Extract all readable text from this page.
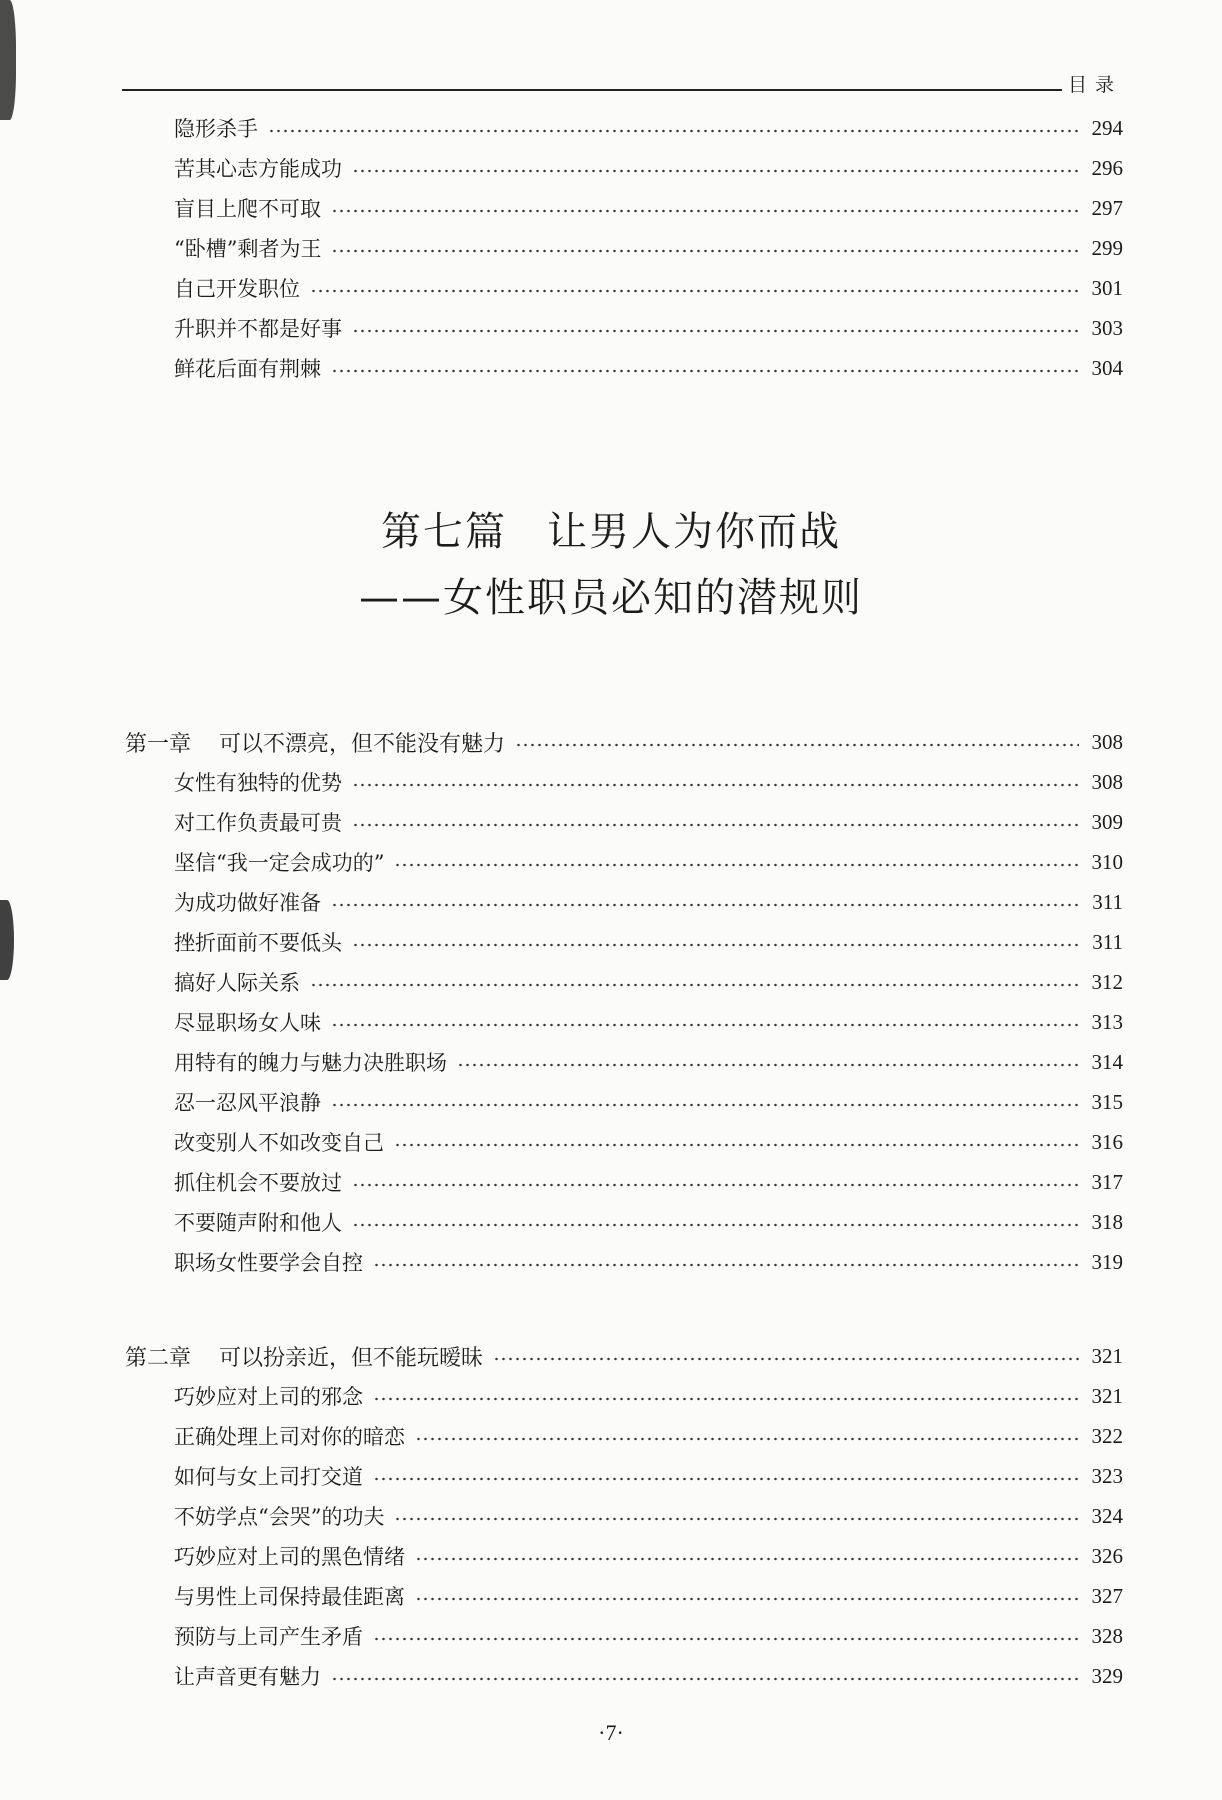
目录
隐形杀手	294
苦其心志方能成功	296
盲目上爬不可取	297
“卧槽”剩者为王	299
自己开发职位	301
升职并不都是好事	303
鲜花后面有荆棘	304
第七篇 让男人为你而战
——女性职员必知的潜规则
第一章 可以不漂亮，但不能没有魅力	308
女性有独特的优势	308
对工作负责最可贵	309
坚信“我一定会成功的”	310
为成功做好准备	311
挫折面前不要低头	311
搞好人际关系	312
尽显职场女人味	313
用特有的魄力与魅力决胜职场	314
忍一忍风平浪静	315
改变别人不如改变自己	316
抓住机会不要放过	317
不要随声附和他人	318
职场女性要学会自控	319
第二章 可以扮亲近，但不能玩暧昧	321
巧妙应对上司的邪念	321
正确处理上司对你的暗恋	322
如何与女上司打交道	323
不妨学点“会哭”的功夫	324
巧妙应对上司的黑色情绪	326
与男性上司保持最佳距离	327
预防与上司产生矛盾	328
让声音更有魅力	329
·7·
